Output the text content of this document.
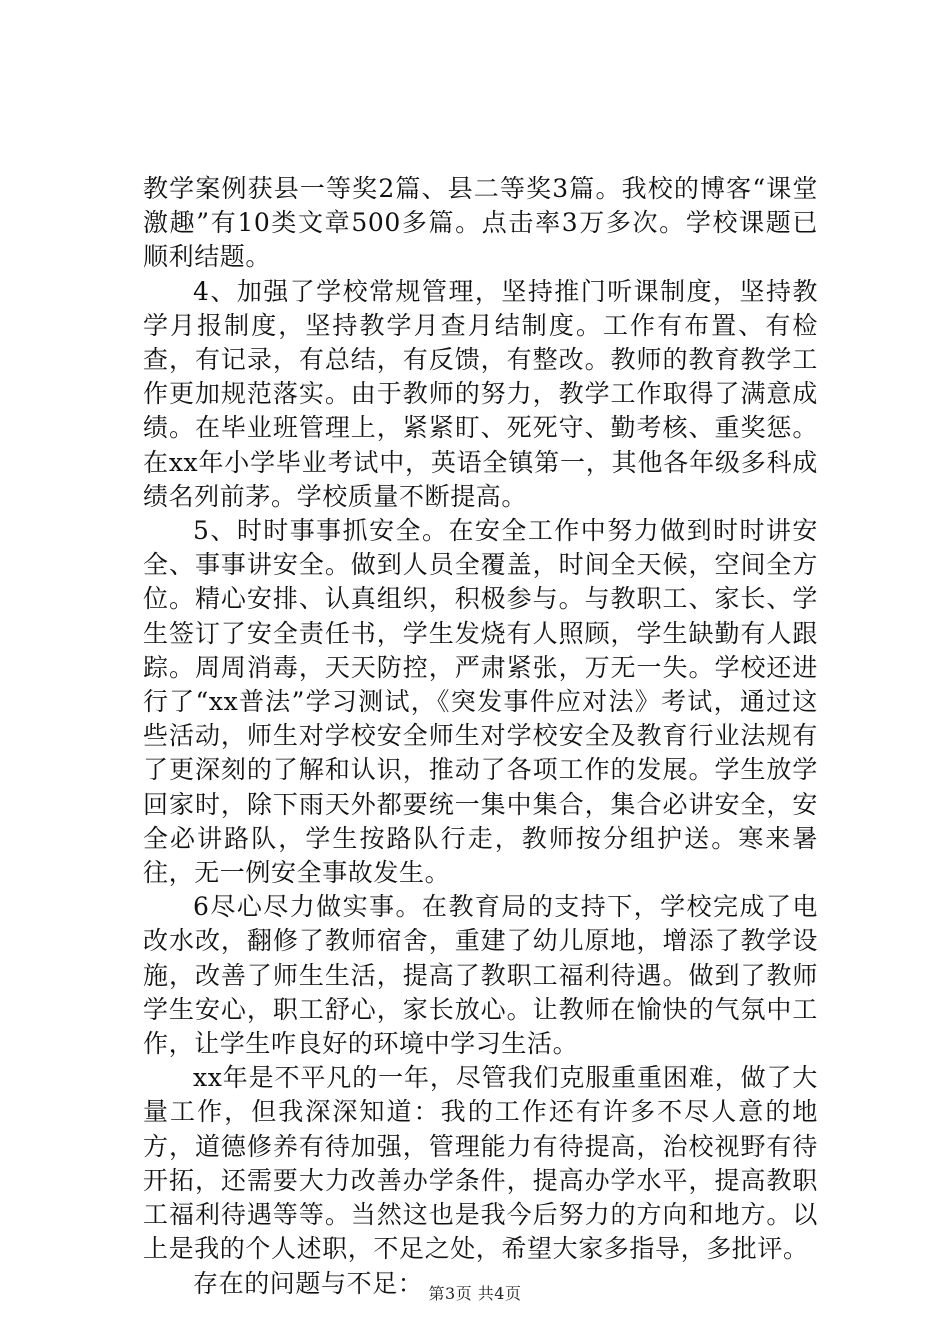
教学案例获县一等奖2篇、县二等奖3篇。我校的博客“课堂激趣”有10类文章500多篇。点击率3万多次。学校课题已顺利结题。

4、加强了学校常规管理，坚持推门听课制度，坚持教学月报制度，坚持教学月查月结制度。工作有布置、有检查，有记录，有总结，有反馈，有整改。教师的教育教学工作更加规范落实。由于教师的努力，教学工作取得了满意成绩。在毕业班管理上，紧紧盯、死死守、勤考核、重奖惩。在xx年小学毕业考试中，英语全镇第一，其他各年级多科成绩名列前茅。学校质量不断提高。

5、时时事事抓安全。在安全工作中努力做到时时讲安全、事事讲安全。做到人员全覆盖，时间全天候，空间全方位。精心安排、认真组织，积极参与。与教职工、家长、学生签订了安全责任书，学生发烧有人照顾，学生缺勤有人跟踪。周周消毒，天天防控，严肃紧张，万无一失。学校还进行了“xx普法”学习测试，《突发事件应对法》考试，通过这些活动，师生对学校安全师生对学校安全及教育行业法规有了更深刻的了解和认识，推动了各项工作的发展。学生放学回家时，除下雨天外都要统一集中集合，集合必讲安全，安全必讲路队，学生按路队行走，教师按分组护送。寒来暑往，无一例安全事故发生。

6尽心尽力做实事。在教育局的支持下，学校完成了电改水改，翻修了教师宿舍，重建了幼儿原地，增添了教学设施，改善了师生生活，提高了教职工福利待遇。做到了教师学生安心，职工舒心，家长放心。让教师在愉快的气氛中工作，让学生咋良好的环境中学习生活。

xx年是不平凡的一年，尽管我们克服重重困难，做了大量工作，但我深深知道：我的工作还有许多不尽人意的地方，道德修养有待加强，管理能力有待提高，治校视野有待开拓，还需要大力改善办学条件，提高办学水平，提高教职工福利待遇等等。当然这也是我今后努力的方向和地方。以上是我的个人述职，不足之处，希望大家多指导，多批评。

存在的问题与不足： 第3页 共4页
